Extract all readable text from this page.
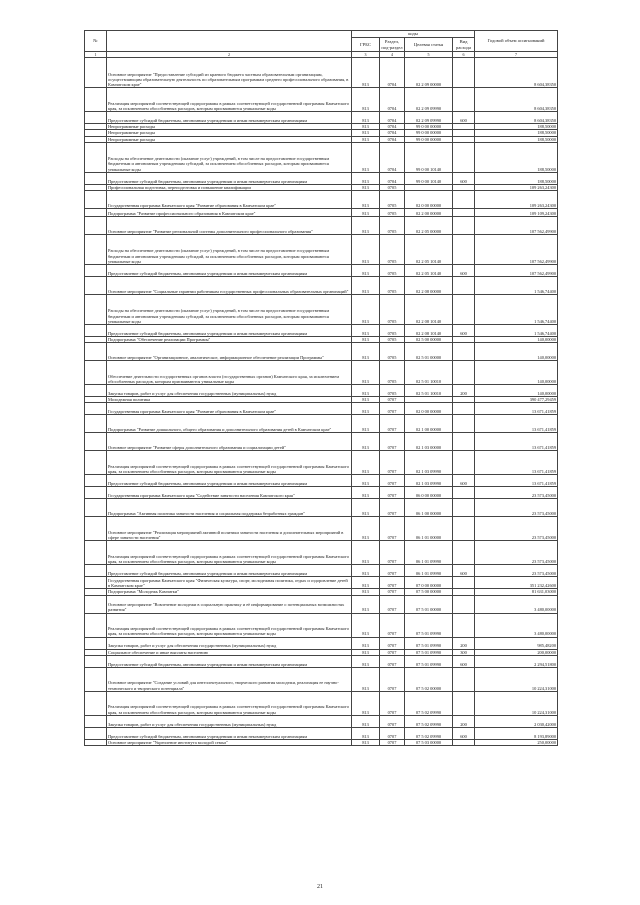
№		коды				Годовой объем ассигнований
		ГРБС	Раздел, под-раздел	Целевая статья	Вид расхода	
1	2	3	4	5	6	7
	Основное мероприятие "Предоставление субсидий из краевого бюджета частным образовательным организациям, осуществляющим образовательную деятельность по образовательным программам среднего профессионального образования, в Камчатском крае"	813	0704	02 2 09 00000		8 604,38350
	Реализация мероприятий соответствующей подпрограммы в рамках соответствующей государственной программы Камчатского края, за исключением обособленных расходов, которым присваиваются уникальные коды	813	0704	02 2 09 09990		8 604,38350
	Предоставление субсидий бюджетным, автономным учреждениям и иным некоммерческим организациям	813	0704	02 2 09 09990	600	8 604,38350
	Непрограммные расходы	813	0704	99 0 00 00000		188,50000
	Непрограммные расходы	813	0704	99 0 00 00000		188,50000
	Непрограммные расходы	813	0704	99 0 00 00000		188,50000
	Расходы на обеспечение деятельности (оказание услуг) учреждений, в том числе на предоставление государственным бюджетным и автономным учреждениям субсидий, за исключением обособленных расходов, которым присваиваются уникальные коды	813	0704	99 0 00 10140		188,50000
	Предоставление субсидий бюджетным, автономным учреждениям и иным некоммерческим организациям	813	0704	99 0 00 10140	600	188,50000
	Профессиональная подготовка, переподготовка и повышение квалификации	813	0705			109 263,24300
	Государственная программа Камчатского края "Развитие образования в Камчатском крае"	813	0705	02 0 00 00000		109 263,24300
	Подпрограмма "Развитие профессионального образования в Камчатском крае"	813	0705	02 2 00 00000		109 109,24300
	Основное мероприятие "Развитие региональной системы дополнительного профессионального образования"	813	0705	02 2 05 00000		107 562,49900
	Расходы на обеспечение деятельности (оказание услуг) учреждений, в том числе на предоставление государственным бюджетным и автономным учреждениям субсидий, за исключением обособленных расходов, которым присваиваются уникальные коды	813	0705	02 2 05 10140		107 562,49900
	Предоставление субсидий бюджетным, автономным учреждениям и иным некоммерческим организациям	813	0705	02 2 05 10140	600	107 562,49900
	Основное мероприятие "Социальные гарантии работникам государственных профессиональных образовательных организаций"	813	0705	02 2 08 00000		1 546,74400
	Расходы на обеспечение деятельности (оказание услуг) учреждений, в том числе на предоставление государственным бюджетным и автономным учреждениям субсидий, за исключением обособленных расходов, которым присваиваются уникальные коды	813	0705	02 2 08 10140		1 546,74400
	Предоставление субсидий бюджетным, автономным учреждениям и иным некоммерческим организациям	813	0705	02 2 08 10140	600	1 546,74400
	Подпрограмма "Обеспечение реализации Программы"	813	0705	02 5 00 00000		140,00000
	Основное мероприятие "Организационное, аналитическое, информационное обеспечение реализации Программы"	813	0705	02 5 01 00000		140,00000
	Обеспечение деятельности государственных органов власти (государственных органов) Камчатского края, за исключением обособленных расходов, которым присваиваются уникальные коды	813	0705	02 5 01 10010		140,00000
	Закупка товаров, работ и услуг для обеспечения государственных (муниципальных) нужд	813	0705	02 5 01 10010	200	140,00000
	Молодежная политика	813	0707			390 477,29459
	Государственная программа Камчатского края "Развитие образования в Камчатском крае"	813	0707	02 0 00 00000		13 671,41859
	Подпрограмма "Развитие дошкольного, общего образования и дополнительного образования детей в Камчатском крае"	813	0707	02 1 00 00000		13 671,41859
	Основное мероприятие "Развитие сферы дополнительного образования и социализации детей"	813	0707	02 1 03 00000		13 671,41859
	Реализация мероприятий соответствующей подпрограммы в рамках соответствующей государственной программы Камчатского края, за исключением обособленных расходов, которым присваиваются уникальные коды	813	0707	02 1 03 09990		13 671,41859
	Предоставление субсидий бюджетным, автономным учреждениям и иным некоммерческим организациям	813	0707	02 1 03 09990	600	13 671,41859
	Государственная программа Камчатского края "Содействие занятости населения Камчатского края"	813	0707	06 0 00 00000		23 573,45000
	Подпрограмма "Активная политика занятости населения и социальная поддержка безработных граждан"	813	0707	06 1 00 00000		23 573,45000
	Основное мероприятие "Реализация мероприятий активной политики занятости населения и дополнительных мероприятий в сфере занятости населения"	813	0707	06 1 01 00000		23 573,45000
	Реализация мероприятий соответствующей подпрограммы в рамках соответствующей государственной программы Камчатского края, за исключением обособленных расходов, которым присваиваются уникальные коды	813	0707	06 1 01 09990		23 573,45000
	Предоставление субсидий бюджетным, автономным учреждениям и иным некоммерческим организациям	813	0707	06 1 01 09990	600	23 573,45000
	Государственная программа Камчатского края "Физическая культура, спорт, молодежная политика, отдых и оздоровление детей в Камчатском крае"	813	0707	07 0 00 00000		351 232,42600
	Подпрограмма "Молодежь Камчатки"	813	0707	07 5 00 00000		81 631,03000
	Основное мероприятие "Вовлечение молодежи в социальную практику и её информирование о потенциальных возможностях развития"	813	0707	07 5 01 00000		3 480,00000
	Реализация мероприятий соответствующей подпрограммы в рамках соответствующей государственной программы Камчатского края, за исключением обособленных расходов, которым присваиваются уникальные коды	813	0707	07 5 01 09990		3 480,00000
	Закупка товаров, работ и услуг для обеспечения государственных (муниципальных) нужд	813	0707	07 5 01 09990	200	985,48200
	Социальное обеспечение и иные выплаты населению	813	0707	07 5 01 09990	300	200,00000
	Предоставление субсидий бюджетным, автономным учреждениям и иным некоммерческим организациям	813	0707	07 5 01 09990	600	2 294,51800
	Основное мероприятие "Создание условий для интеллектуального, творческого развития молодежи, реализация ее научно-технического и творческого потенциала"	813	0707	07 5 02 00000		10 224,31000
	Реализация мероприятий соответствующей подпрограммы в рамках соответствующей государственной программы Камчатского края, за исключением обособленных расходов, которым присваиваются уникальные коды	813	0707	07 5 02 09990		10 224,31000
	Закупка товаров, работ и услуг для обеспечения государственных (муниципальных) нужд	813	0707	07 5 02 09990	200	2 030,42000
	Предоставление субсидий бюджетным, автономным учреждениям и иным некоммерческим организациям	813	0707	07 5 02 09990	600	8 193,89000
	Основное мероприятие "Укрепление института молодой семьи"	813	0707	07 5 03 00000		250,00000
21
